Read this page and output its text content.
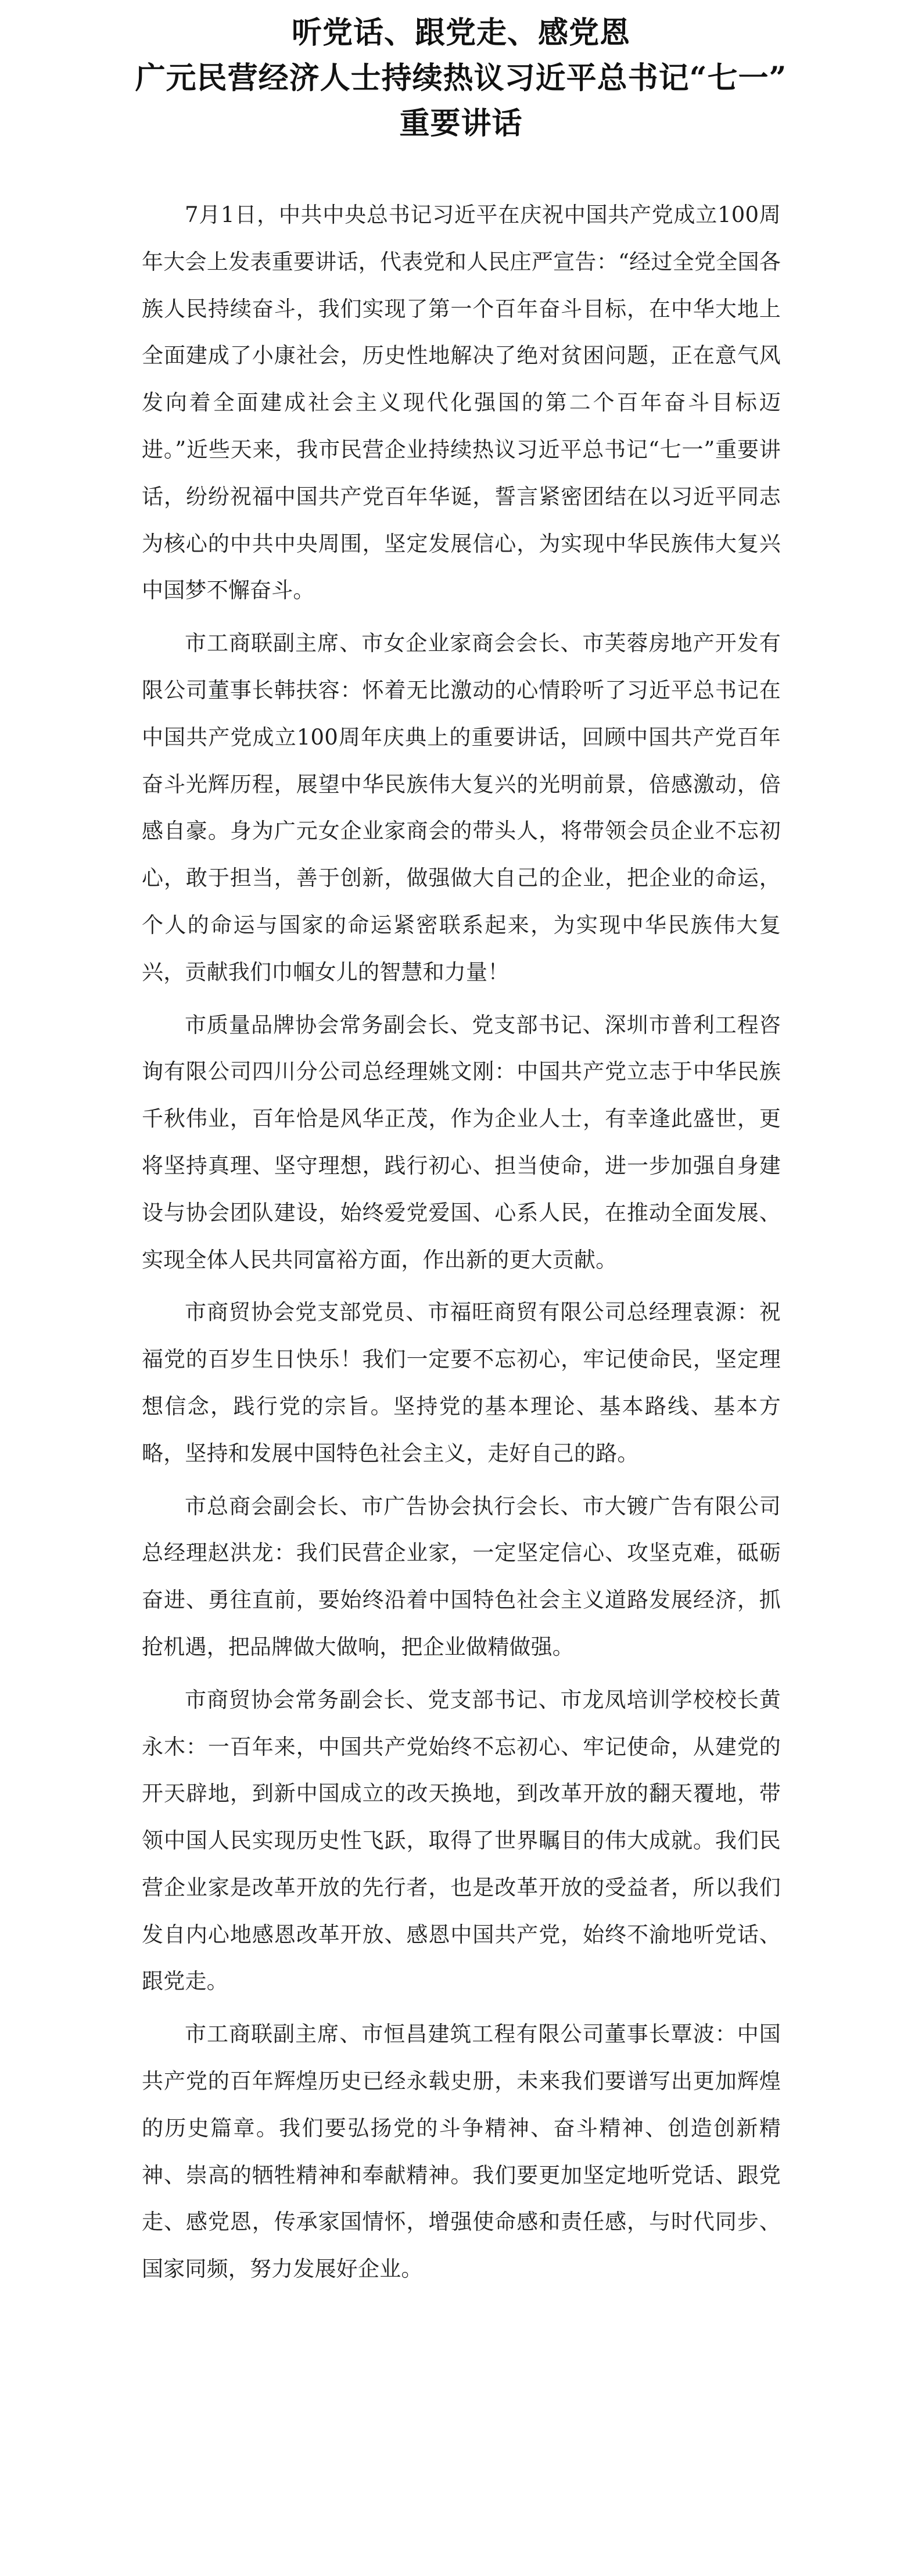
听党话、跟党走、感党恩
广元民营经济人士持续热议习近平总书记“七一”
重要讲话

7月1日，中共中央总书记习近平在庆祝中国共产党成立100周年大会上发表重要讲话，代表党和人民庄严宣告：“经过全党全国各族人民持续奋斗，我们实现了第一个百年奋斗目标，在中华大地上全面建成了小康社会，历史性地解决了绝对贫困问题，正在意气风发向着全面建成社会主义现代化强国的第二个百年奋斗目标迈进。”近些天来，我市民营企业持续热议习近平总书记“七一”重要讲话，纷纷祝福中国共产党百年华诞，誓言紧密团结在以习近平同志为核心的中共中央周围，坚定发展信心，为实现中华民族伟大复兴中国梦不懈奋斗。

市工商联副主席、市女企业家商会会长、市芙蓉房地产开发有限公司董事长韩扶容：怀着无比激动的心情聆听了习近平总书记在中国共产党成立100周年庆典上的重要讲话，回顾中国共产党百年奋斗光辉历程，展望中华民族伟大复兴的光明前景，倍感激动，倍感自豪。身为广元女企业家商会的带头人，将带领会员企业不忘初心，敢于担当，善于创新，做强做大自己的企业，把企业的命运，个人的命运与国家的命运紧密联系起来，为实现中华民族伟大复兴，贡献我们巾帼女儿的智慧和力量！

市质量品牌协会常务副会长、党支部书记、深圳市普利工程咨询有限公司四川分公司总经理姚文刚：中国共产党立志于中华民族千秋伟业，百年恰是风华正茂，作为企业人士，有幸逢此盛世，更将坚持真理、坚守理想，践行初心、担当使命，进一步加强自身建设与协会团队建设，始终爱党爱国、心系人民，在推动全面发展、实现全体人民共同富裕方面，作出新的更大贡献。

市商贸协会党支部党员、市福旺商贸有限公司总经理袁源：祝福党的百岁生日快乐！我们一定要不忘初心，牢记使命民，坚定理想信念，践行党的宗旨。坚持党的基本理论、基本路线、基本方略，坚持和发展中国特色社会主义，走好自己的路。

市总商会副会长、市广告协会执行会长、市大镀广告有限公司总经理赵洪龙：我们民营企业家，一定坚定信心、攻坚克难，砥砺奋进、勇往直前，要始终沿着中国特色社会主义道路发展经济，抓抢机遇，把品牌做大做响，把企业做精做强。

市商贸协会常务副会长、党支部书记、市龙凤培训学校校长黄永木：一百年来，中国共产党始终不忘初心、牢记使命，从建党的开天辟地，到新中国成立的改天换地，到改革开放的翻天覆地，带领中国人民实现历史性飞跃，取得了世界瞩目的伟大成就。我们民营企业家是改革开放的先行者，也是改革开放的受益者，所以我们发自内心地感恩改革开放、感恩中国共产党，始终不渝地听党话、跟党走。

市工商联副主席、市恒昌建筑工程有限公司董事长覃波：中国共产党的百年辉煌历史已经永载史册，未来我们要谱写出更加辉煌的历史篇章。我们要弘扬党的斗争精神、奋斗精神、创造创新精神、崇高的牺牲精神和奉献精神。我们要更加坚定地听党话、跟党走、感党恩，传承家国情怀，增强使命感和责任感，与时代同步、国家同频，努力发展好企业。
